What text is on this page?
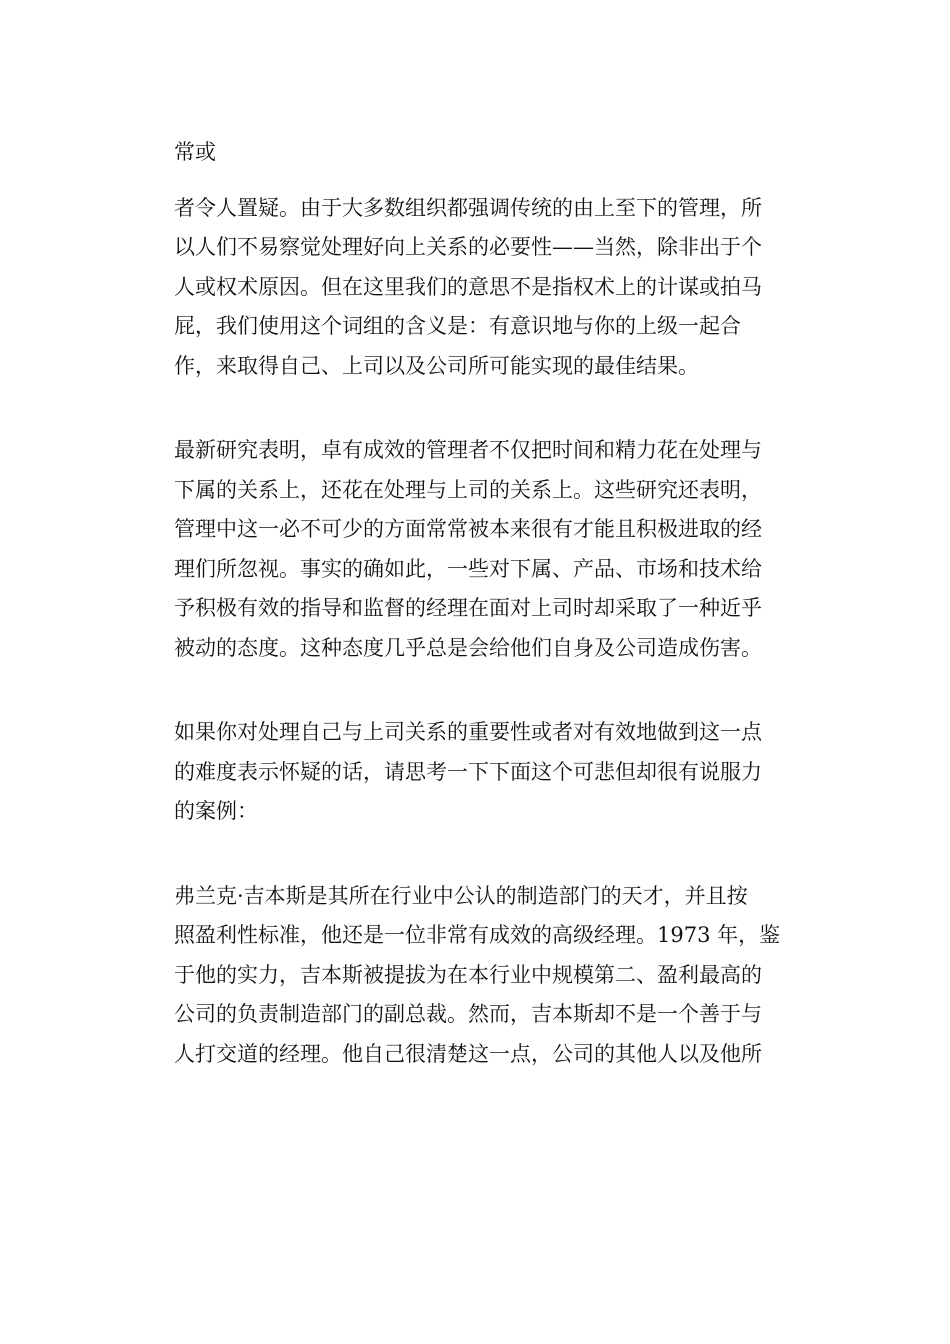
常或
者令人置疑。由于大多数组织都强调传统的由上至下的管理，所
以人们不易察觉处理好向上关系的必要性——当然，除非出于个
人或权术原因。但在这里我们的意思不是指权术上的计谋或拍马
屁，我们使用这个词组的含义是：有意识地与你的上级一起合
作，来取得自己、上司以及公司所可能实现的最佳结果。
最新研究表明，卓有成效的管理者不仅把时间和精力花在处理与
下属的关系上，还花在处理与上司的关系上。这些研究还表明，
管理中这一必不可少的方面常常被本来很有才能且积极进取的经
理们所忽视。事实的确如此，一些对下属、产品、市场和技术给
予积极有效的指导和监督的经理在面对上司时却采取了一种近乎
被动的态度。这种态度几乎总是会给他们自身及公司造成伤害。
如果你对处理自己与上司关系的重要性或者对有效地做到这一点
的难度表示怀疑的话，请思考一下下面这个可悲但却很有说服力
的案例：
弗兰克·吉本斯是其所在行业中公认的制造部门的天才，并且按
照盈利性标准，他还是一位非常有成效的高级经理。1973 年，鉴
于他的实力，吉本斯被提拔为在本行业中规模第二、盈利最高的
公司的负责制造部门的副总裁。然而，吉本斯却不是一个善于与
人打交道的经理。他自己很清楚这一点，公司的其他人以及他所
